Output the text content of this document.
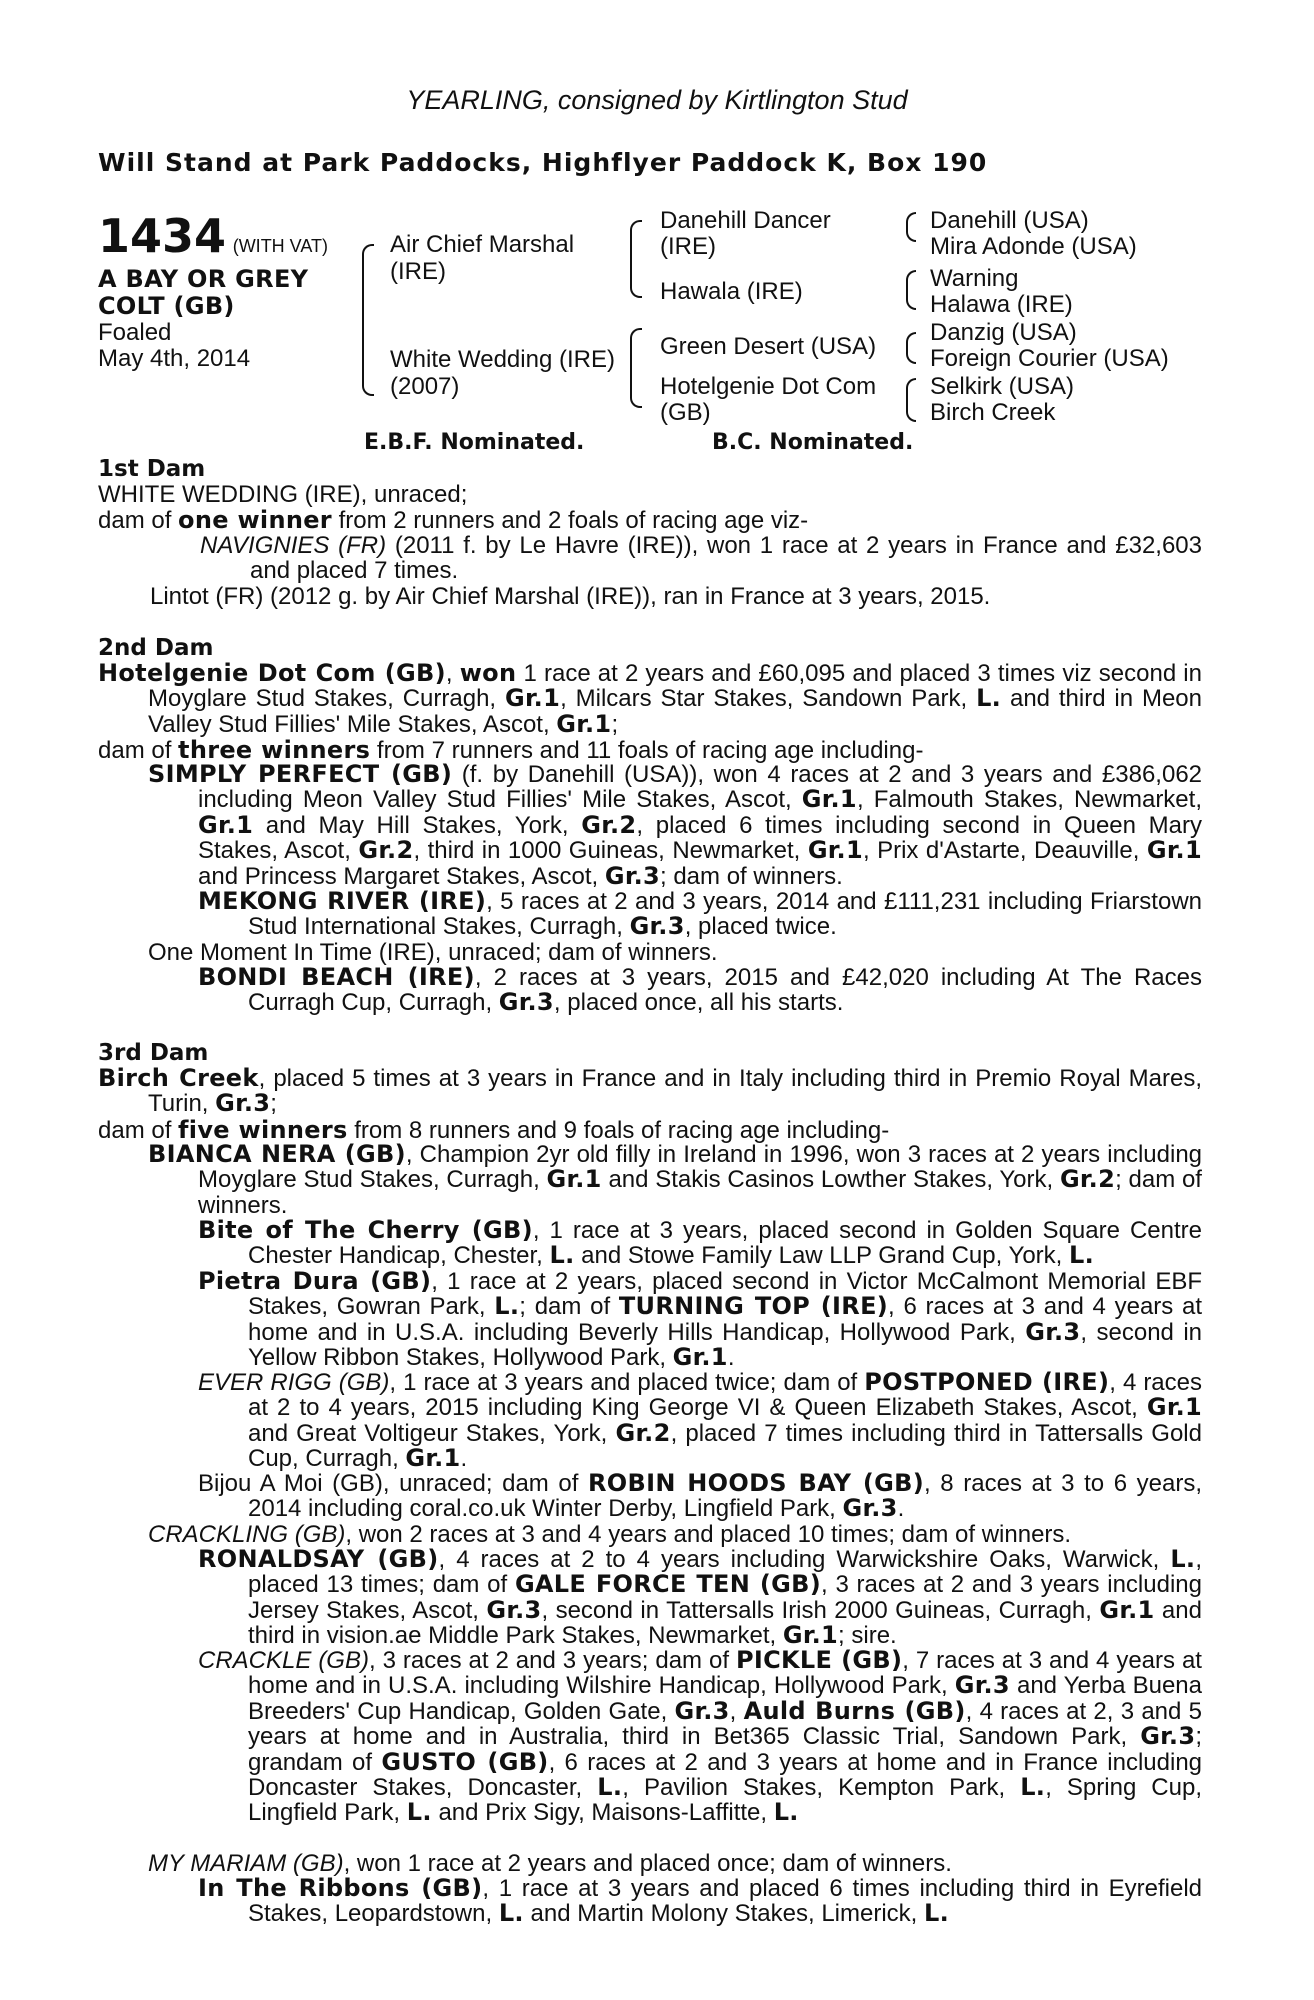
YEARLING, consigned by Kirtlington Stud
Will Stand at Park Paddocks, Highflyer Paddock K, Box 190
1434 (WITH VAT)
A BAY OR GREY
COLT (GB)
Foaled
May 4th, 2014
Air Chief Marshal
(IRE)
White Wedding (IRE)
(2007)
Danehill Dancer
(IRE)
Hawala (IRE)
Green Desert (USA)
Hotelgenie Dot Com
(GB)
Danehill (USA)
Mira Adonde (USA)
Warning
Halawa (IRE)
Danzig (USA)
Foreign Courier (USA)
Selkirk (USA)
Birch Creek
E.B.F. Nominated.	B.C. Nominated.
1st Dam
WHITE WEDDING (IRE), unraced;
dam of one winner from 2 runners and 2 foals of racing age viz-

NAVIGNIES (FR) (2011 f. by Le Havre (IRE)), won 1 race at 2 years in France and £32,603 and placed 7 times.

Lintot (FR) (2012 g. by Air Chief Marshal (IRE)), ran in France at 3 years, 2015.
2nd Dam

Hotelgenie Dot Com (GB), won 1 race at 2 years and £60,095 and placed 3 times viz second in Moyglare Stud Stakes, Curragh, Gr.1, Milcars Star Stakes, Sandown Park, L. and third in Meon Valley Stud Fillies' Mile Stakes, Ascot, Gr.1;

dam of three winners from 7 runners and 11 foals of racing age including-

SIMPLY PERFECT (GB) (f. by Danehill (USA)), won 4 races at 2 and 3 years and £386,062 including Meon Valley Stud Fillies' Mile Stakes, Ascot, Gr.1, Falmouth Stakes, Newmarket, Gr.1 and May Hill Stakes, York, Gr.2, placed 6 times including second in Queen Mary Stakes, Ascot, Gr.2, third in 1000 Guineas, Newmarket, Gr.1, Prix d'Astarte, Deauville, Gr.1 and Princess Margaret Stakes, Ascot, Gr.3; dam of winners.

MEKONG RIVER (IRE), 5 races at 2 and 3 years, 2014 and £111,231 including Friarstown Stud International Stakes, Curragh, Gr.3, placed twice.

One Moment In Time (IRE), unraced; dam of winners.

BONDI BEACH (IRE), 2 races at 3 years, 2015 and £42,020 including At The Races Curragh Cup, Curragh, Gr.3, placed once, all his starts.

3rd Dam

Birch Creek, placed 5 times at 3 years in France and in Italy including third in Premio Royal Mares, Turin, Gr.3;

dam of five winners from 8 runners and 9 foals of racing age including-

BIANCA NERA (GB), Champion 2yr old filly in Ireland in 1996, won 3 races at 2 years including Moyglare Stud Stakes, Curragh, Gr.1 and Stakis Casinos Lowther Stakes, York, Gr.2; dam of winners.

Bite of The Cherry (GB), 1 race at 3 years, placed second in Golden Square Centre Chester Handicap, Chester, L. and Stowe Family Law LLP Grand Cup, York, L.

Pietra Dura (GB), 1 race at 2 years, placed second in Victor McCalmont Memorial EBF Stakes, Gowran Park, L.; dam of TURNING TOP (IRE), 6 races at 3 and 4 years at home and in U.S.A. including Beverly Hills Handicap, Hollywood Park, Gr.3, second in Yellow Ribbon Stakes, Hollywood Park, Gr.1.

EVER RIGG (GB), 1 race at 3 years and placed twice; dam of POSTPONED (IRE), 4 races at 2 to 4 years, 2015 including King George VI & Queen Elizabeth Stakes, Ascot, Gr.1 and Great Voltigeur Stakes, York, Gr.2, placed 7 times including third in Tattersalls Gold Cup, Curragh, Gr.1.

Bijou A Moi (GB), unraced; dam of ROBIN HOODS BAY (GB), 8 races at 3 to 6 years, 2014 including coral.co.uk Winter Derby, Lingfield Park, Gr.3.

CRACKLING (GB), won 2 races at 3 and 4 years and placed 10 times; dam of winners.

RONALDSAY (GB), 4 races at 2 to 4 years including Warwickshire Oaks, Warwick, L., placed 13 times; dam of GALE FORCE TEN (GB), 3 races at 2 and 3 years including Jersey Stakes, Ascot, Gr.3, second in Tattersalls Irish 2000 Guineas, Curragh, Gr.1 and third in vision.ae Middle Park Stakes, Newmarket, Gr.1; sire.

CRACKLE (GB), 3 races at 2 and 3 years; dam of PICKLE (GB), 7 races at 3 and 4 years at home and in U.S.A. including Wilshire Handicap, Hollywood Park, Gr.3 and Yerba Buena Breeders' Cup Handicap, Golden Gate, Gr.3, Auld Burns (GB), 4 races at 2, 3 and 5 years at home and in Australia, third in Bet365 Classic Trial, Sandown Park, Gr.3; grandam of GUSTO (GB), 6 races at 2 and 3 years at home and in France including Doncaster Stakes, Doncaster, L., Pavilion Stakes, Kempton Park, L., Spring Cup, Lingfield Park, L. and Prix Sigy, Maisons-Laffitte, L.

MY MARIAM (GB), won 1 race at 2 years and placed once; dam of winners.

In The Ribbons (GB), 1 race at 3 years and placed 6 times including third in Eyrefield Stakes, Leopardstown, L. and Martin Molony Stakes, Limerick, L.
